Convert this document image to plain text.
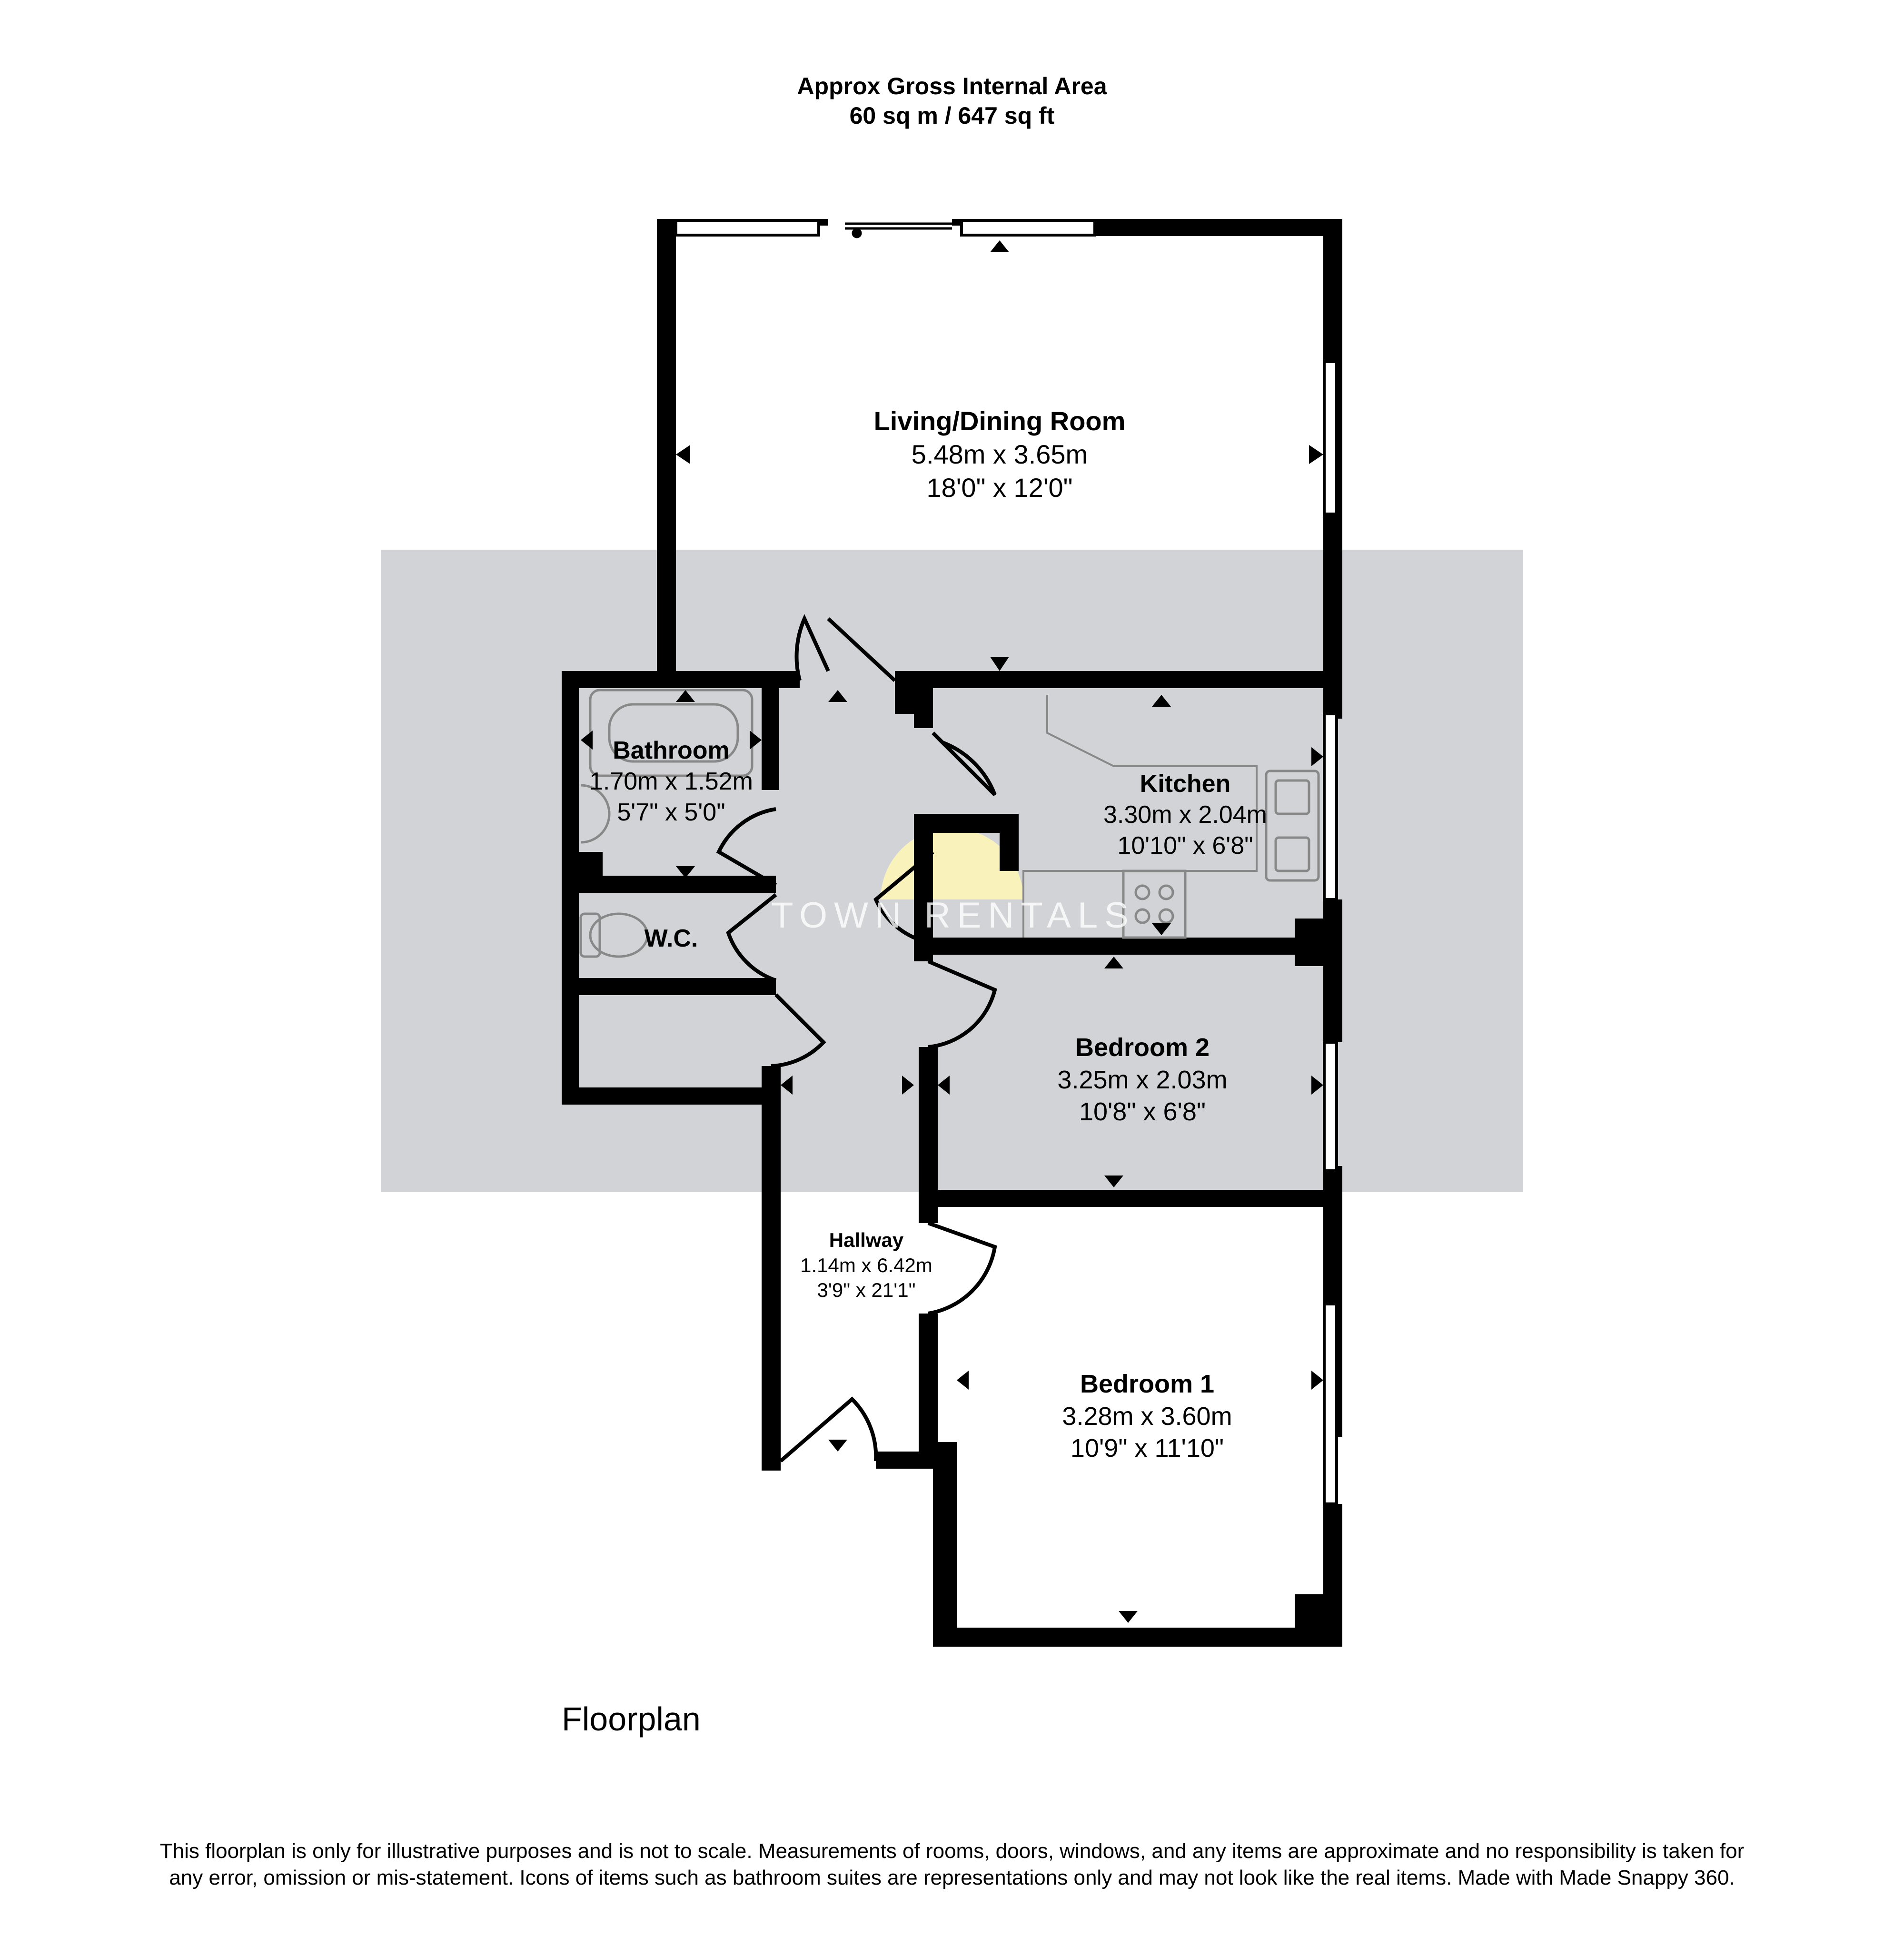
Approx Gross Internal Area
60 sq m / 647 sq ft
Living/Dining Room
5.48m x 3.65m
18'0" x 12'0"
Kitchen
3.30m x 2.04m
10'10" x 6'8"
Bathroom
1.70m x 1.52m
5'7" x 5'0"
W.C.
Bedroom 2
3.25m x 2.03m
10'8" x 6'8"
Hallway
1.14m x 6.42m
3'9" x 21'1"
Bedroom 1
3.28m x 3.60m
10'9" x 11'10"
TOWN RENTALS
Floorplan
This floorplan is only for illustrative purposes and is not to scale. Measurements of rooms, doors, windows, and any items are approximate and no responsibility is taken for any error, omission or mis-statement. Icons of items such as bathroom suites are representations only and may not look like the real items. Made with Made Snappy 360.
